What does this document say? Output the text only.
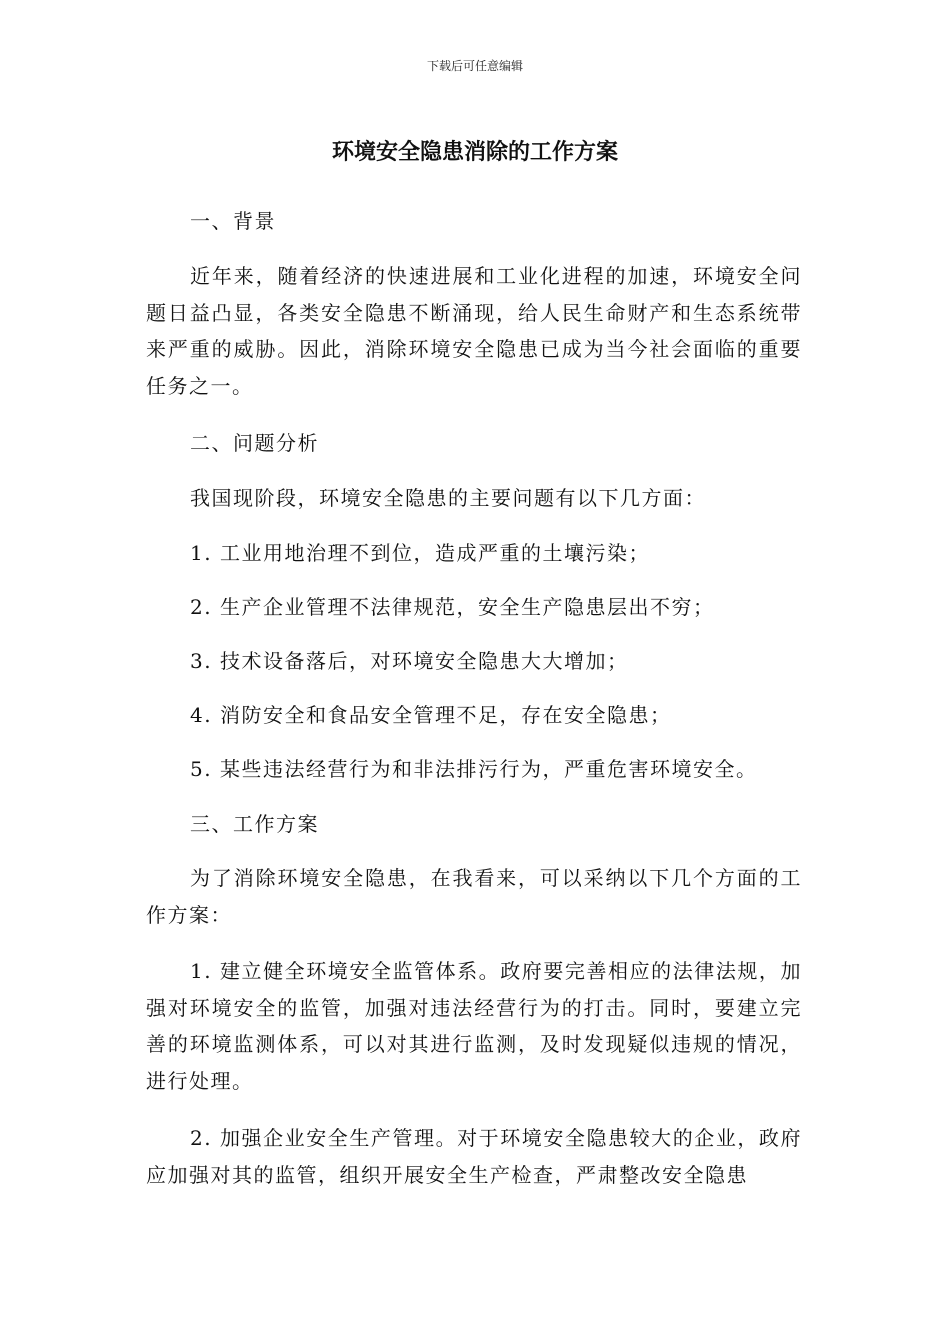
下载后可任意编辑
环境安全隐患消除的工作方案

一、背景

近年来，随着经济的快速进展和工业化进程的加速，环境安全问题日益凸显，各类安全隐患不断涌现，给人民生命财产和生态系统带来严重的威胁。因此，消除环境安全隐患已成为当今社会面临的重要任务之一。

二、问题分析

我国现阶段，环境安全隐患的主要问题有以下几方面：

1. 工业用地治理不到位，造成严重的土壤污染；

2. 生产企业管理不法律规范，安全生产隐患层出不穷；

3. 技术设备落后，对环境安全隐患大大增加；

4. 消防安全和食品安全管理不足，存在安全隐患；

5. 某些违法经营行为和非法排污行为，严重危害环境安全。

三、工作方案

为了消除环境安全隐患，在我看来，可以采纳以下几个方面的工作方案：

1. 建立健全环境安全监管体系。政府要完善相应的法律法规，加强对环境安全的监管，加强对违法经营行为的打击。同时，要建立完善的环境监测体系，可以对其进行监测，及时发现疑似违规的情况，进行处理。

2. 加强企业安全生产管理。对于环境安全隐患较大的企业，政府应加强对其的监管，组织开展安全生产检查，严肃整改安全隐患
